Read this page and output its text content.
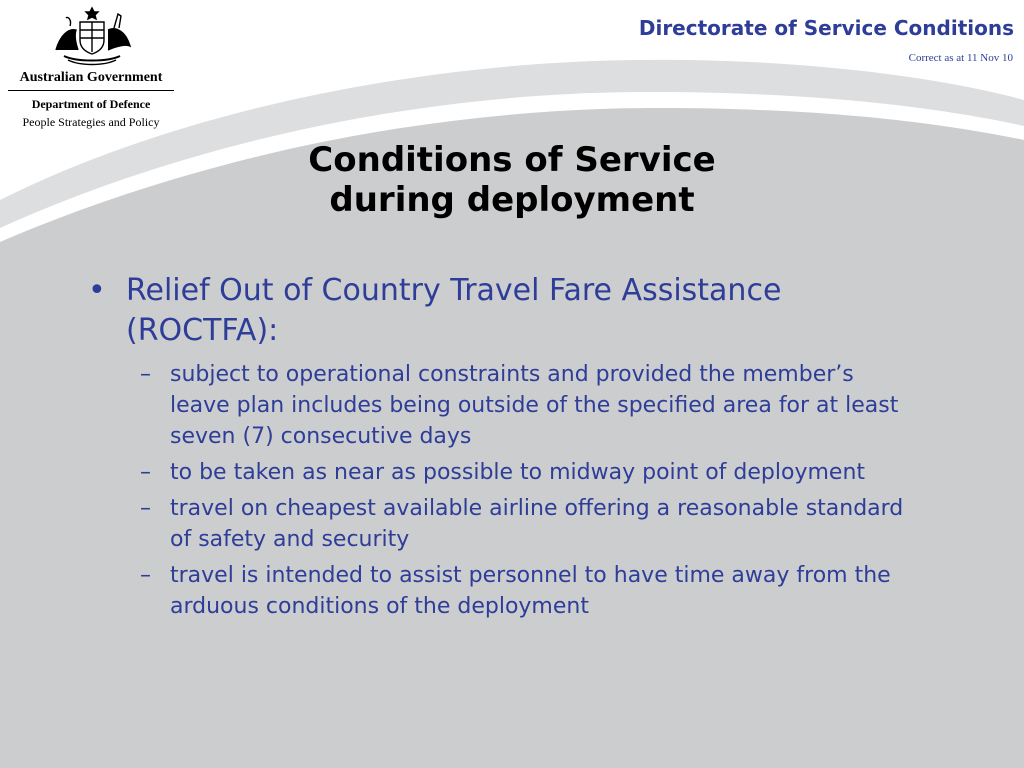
Australian Government
Department of Defence
People Strategies and Policy
Directorate of Service Conditions
Correct as at 11 Nov 10
Conditions of Service
during deployment
• Relief Out of Country Travel Fare Assistance (ROCTFA):
– subject to operational constraints and provided the member’s leave plan includes being outside of the specified area for at least seven (7) consecutive days
– to be taken as near as possible to midway point of deployment
– travel on cheapest available airline offering a reasonable standard of safety and security
– travel is intended to assist personnel to have time away from the arduous conditions of the deployment
